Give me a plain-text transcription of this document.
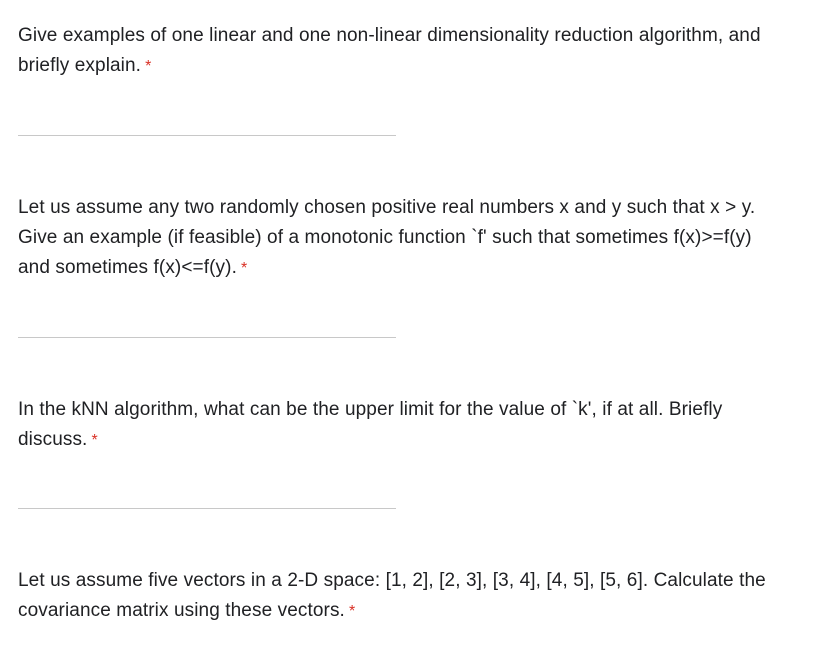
Give examples of one linear and one non-linear dimensionality reduction algorithm, and briefly explain. *
Let us assume any two randomly chosen positive real numbers x and y such that x > y. Give an example (if feasible) of a monotonic function `f' such that sometimes f(x)>=f(y) and sometimes f(x)<=f(y). *
In the kNN algorithm, what can be the upper limit for the value of `k', if at all. Briefly discuss. *
Let us assume five vectors in a 2-D space: [1, 2], [2, 3], [3, 4], [4, 5], [5, 6]. Calculate the covariance matrix using these vectors. *
